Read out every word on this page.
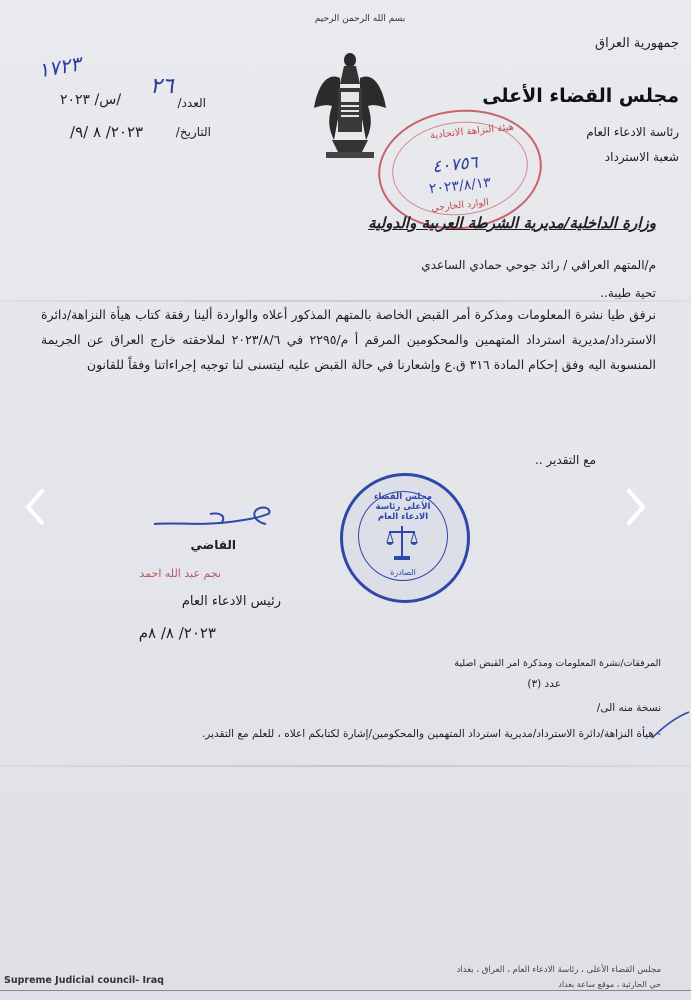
بسم الله الرحمن الرحيم
جمهورية العراق
مجلس القضاء الأعلى
رئاسة الادعاء العام
شعبة الاسترداد
١٧٢٣
العدد/
٢٦
/س/ ٢٠٢٣
التاريخ/
٢٠٢٣/ ٨ /٩/	هيئة النزاهة الاتحادية
٤٠٧٥٦
٢٠٢٣/٨/١٣
الوارد الخارجي
وزارة الداخلية/مديرية الشرطة العربية والدولية
م/المتهم العراقي / رائد جوحي حمادي الساعدي
تحية طيبة..
نرفق طيا نشرة المعلومات ومذكرة أمر القبض الخاصة بالمتهم المذكور أعلاه والواردة ألينا رفقة كتاب هيأة النزاهة/دائرة الاسترداد/مديرية استرداد المتهمين والمحكومين المرقم أ م/٢٢٩٥ في ٢٠٢٣/٨/٦ لملاحقته خارج العراق عن الجريمة المنسوبة اليه وفق إحكام المادة ٣١٦ ق.ع وإشعارنا في حالة القبض عليه ليتسنى لنا توجيه إجراءاتنا وفقاً للقانون
مع التقدير ..
القاضي
نجم عبد الله احمد
رئيس الادعاء العام
٢٠٢٣/ ٨/ ٨م
مجلس القضاء الأعلى رئاسة الادعاء العام
الصادرة
المرفقات/نشرة المعلومات ومذكرة امر القبض اصلية
عدد (٣)
نسخة منه الى/
- هيأة النزاهة/دائرة الاسترداد/مديرية استرداد المتهمين والمحكومين/إشارة لكتابكم اعلاه ، للعلم مع التقدير.
مجلس القضاء الأعلى ، رئاسة الادعاء العام ، العراق ، بغداد
حي الحارثية ، موقع ساعة بغداد
Supreme Judicial council- Iraq
